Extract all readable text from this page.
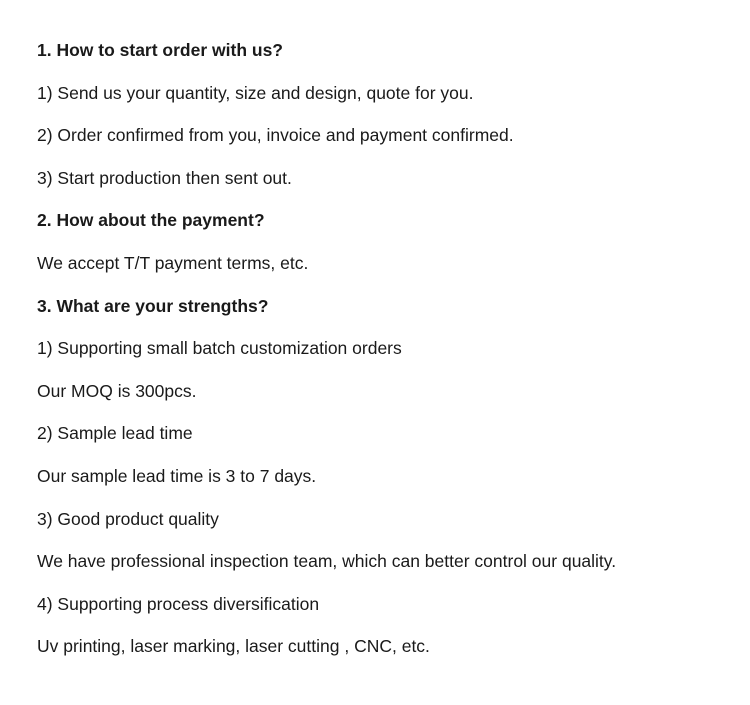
1. How to start order with us?
1) Send us your quantity, size and design, quote for you.
2) Order confirmed from you, invoice and payment confirmed.
3) Start production then sent out.
2. How about the payment?
We accept T/T payment terms, etc.
3. What are your strengths?
1) Supporting small batch customization orders
Our MOQ is 300pcs.
2) Sample lead time
Our sample lead time is 3 to 7 days.
3) Good product quality
We have professional inspection team, which can better control our quality.
4) Supporting process diversification
Uv printing, laser marking, laser cutting , CNC, etc.
